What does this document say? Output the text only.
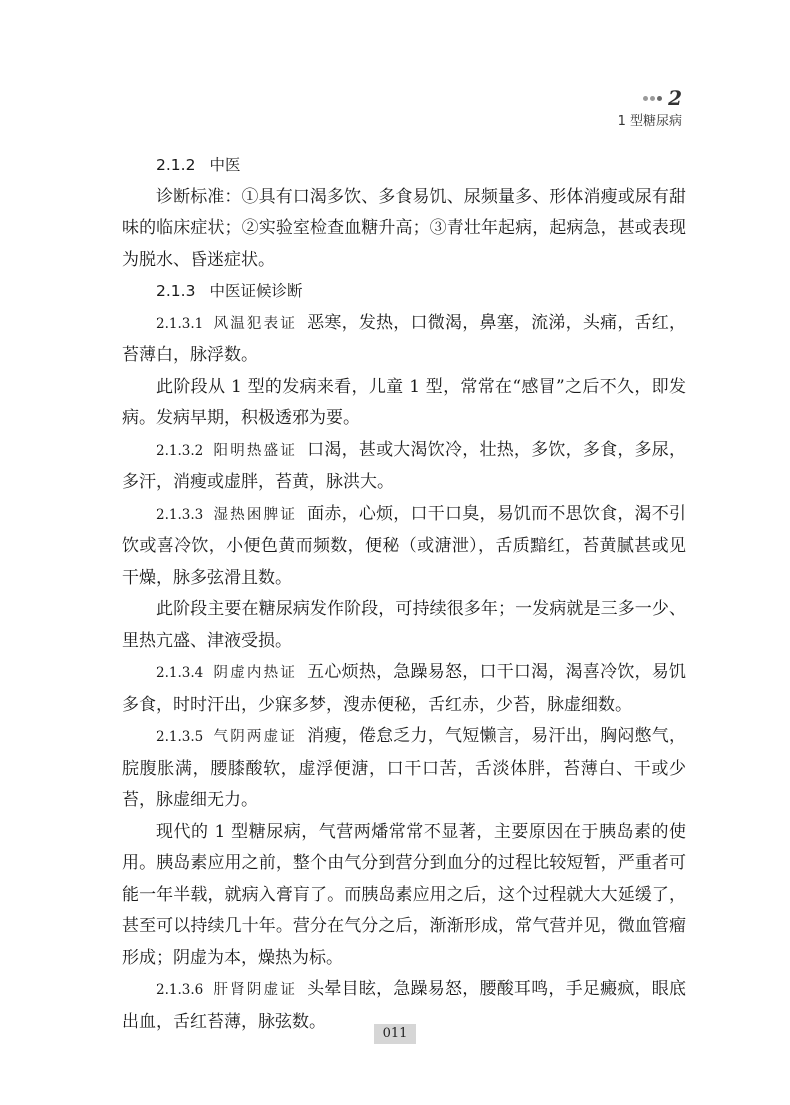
2
1 型糖尿病
2.1.2 中医

诊断标准：①具有口渴多饮、多食易饥、尿频量多、形体消瘦或尿有甜味的临床症状；②实验室检查血糖升高；③青壮年起病，起病急，甚或表现为脱水、昏迷症状。

2.1.3 中医证候诊断

2.1.3.1 风温犯表证 恶寒，发热，口微渴，鼻塞，流涕，头痛，舌红，苔薄白，脉浮数。

此阶段从 1 型的发病来看，儿童 1 型，常常在“感冒”之后不久，即发病。发病早期，积极透邪为要。

2.1.3.2 阳明热盛证 口渴，甚或大渴饮冷，壮热，多饮，多食，多尿，多汗，消瘦或虚胖，苔黄，脉洪大。

2.1.3.3 湿热困脾证 面赤，心烦，口干口臭，易饥而不思饮食，渴不引饮或喜冷饮，小便色黄而频数，便秘（或溏泄），舌质黯红，苔黄腻甚或见干燥，脉多弦滑且数。

此阶段主要在糖尿病发作阶段，可持续很多年；一发病就是三多一少、里热亢盛、津液受损。

2.1.3.4 阴虚内热证 五心烦热，急躁易怒，口干口渴，渴喜冷饮，易饥多食，时时汗出，少寐多梦，溲赤便秘，舌红赤，少苔，脉虚细数。

2.1.3.5 气阴两虚证 消瘦，倦怠乏力，气短懒言，易汗出，胸闷憋气，脘腹胀满，腰膝酸软，虚浮便溏，口干口苦，舌淡体胖，苔薄白、干或少苔，脉虚细无力。

现代的 1 型糖尿病，气营两燔常常不显著，主要原因在于胰岛素的使用。胰岛素应用之前，整个由气分到营分到血分的过程比较短暂，严重者可能一年半载，就病入膏肓了。而胰岛素应用之后，这个过程就大大延缓了，甚至可以持续几十年。营分在气分之后，渐渐形成，常气营并见，微血管瘤形成；阴虚为本，燥热为标。

2.1.3.6 肝肾阴虚证 头晕目眩，急躁易怒，腰酸耳鸣，手足癜疯，眼底出血，舌红苔薄，脉弦数。

011
